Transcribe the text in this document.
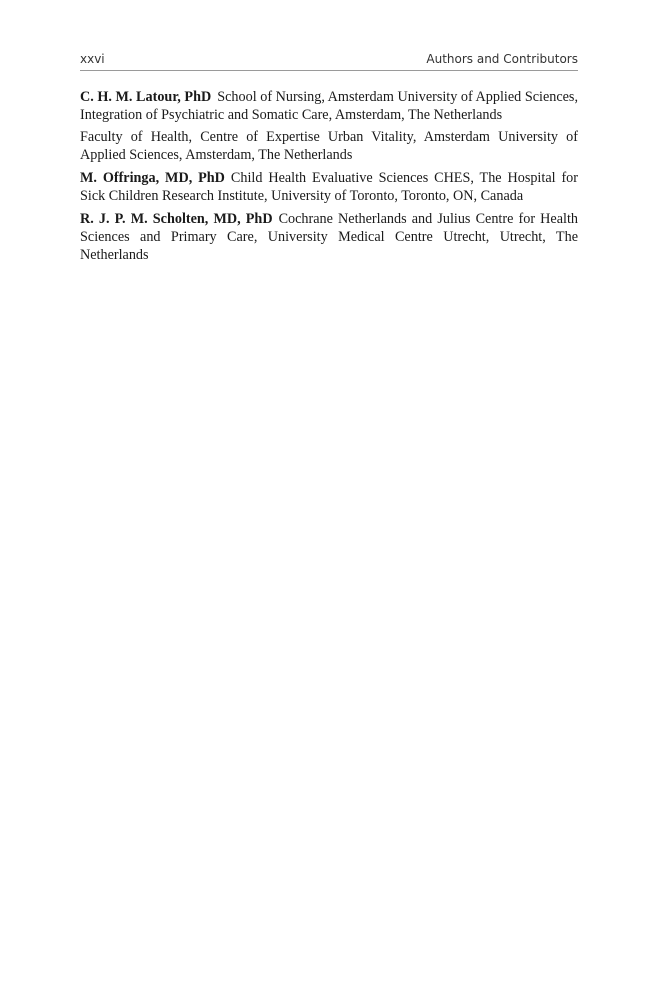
xxvi	Authors and Contributors

C. H. M. Latour, PhD School of Nursing, Amsterdam University of Applied Sciences, Integration of Psychiatric and Somatic Care, Amsterdam, The Netherlands
Faculty of Health, Centre of Expertise Urban Vitality, Amsterdam University of Applied Sciences, Amsterdam, The Netherlands

M. Offringa, MD, PhD Child Health Evaluative Sciences CHES, The Hospital for Sick Children Research Institute, University of Toronto, Toronto, ON, Canada

R. J. P. M. Scholten, MD, PhD Cochrane Netherlands and Julius Centre for Health Sciences and Primary Care, University Medical Centre Utrecht, Utrecht, The Netherlands
